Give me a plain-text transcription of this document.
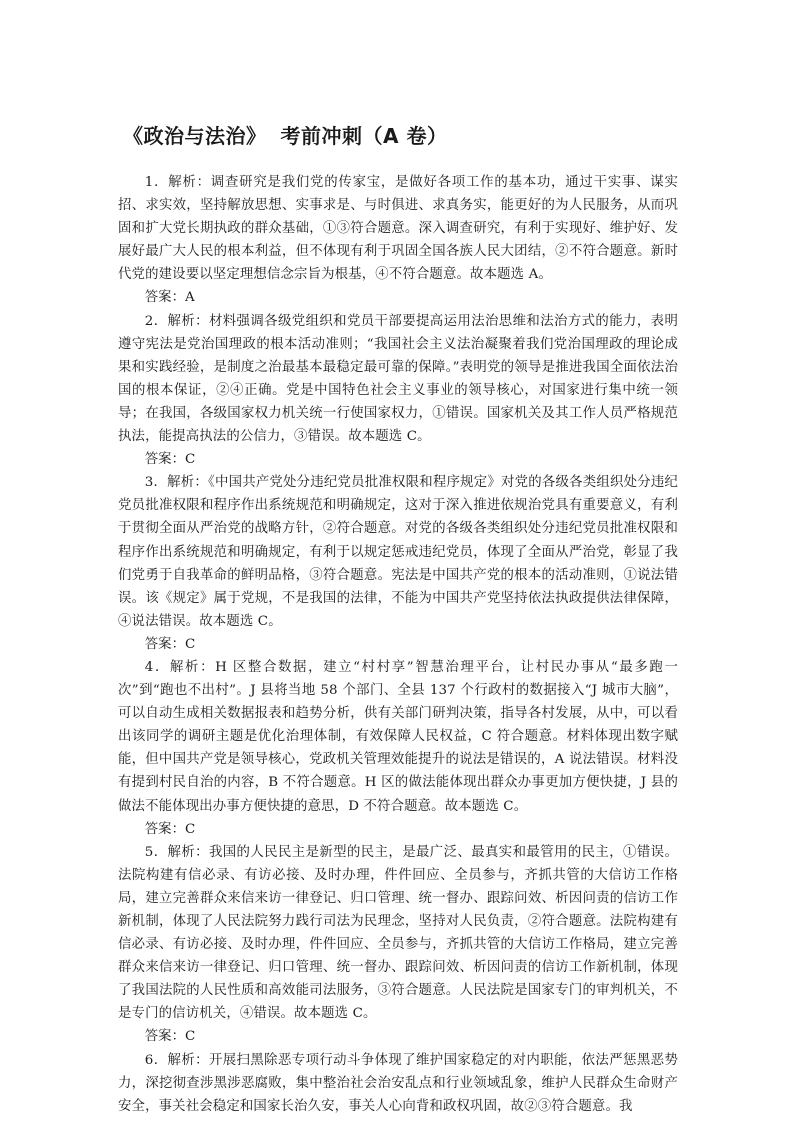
《政治与法治》 考前冲刺（A 卷）

1．解析：调查研究是我们党的传家宝，是做好各项工作的基本功，通过干实事、谋实招、求实效，坚持解放思想、实事求是、与时俱进、求真务实，能更好的为人民服务，从而巩固和扩大党长期执政的群众基础，①③符合题意。深入调查研究，有利于实现好、维护好、发展好最广大人民的根本利益，但不体现有利于巩固全国各族人民大团结，②不符合题意。新时代党的建设要以坚定理想信念宗旨为根基，④不符合题意。故本题选 A。

答案：A

2．解析：材料强调各级党组织和党员干部要提高运用法治思维和法治方式的能力，表明遵守宪法是党治国理政的根本活动准则；“我国社会主义法治凝聚着我们党治国理政的理论成果和实践经验，是制度之治最基本最稳定最可靠的保障。”表明党的领导是推进我国全面依法治国的根本保证，②④正确。党是中国特色社会主义事业的领导核心，对国家进行集中统一领导；在我国，各级国家权力机关统一行使国家权力，①错误。国家机关及其工作人员严格规范执法，能提高执法的公信力，③错误。故本题选 C。

答案：C

3．解析：《中国共产党处分违纪党员批准权限和程序规定》对党的各级各类组织处分违纪党员批准权限和程序作出系统规范和明确规定，这对于深入推进依规治党具有重要意义，有利于贯彻全面从严治党的战略方针，②符合题意。对党的各级各类组织处分违纪党员批准权限和程序作出系统规范和明确规定，有利于以规定惩戒违纪党员，体现了全面从严治党，彰显了我们党勇于自我革命的鲜明品格，③符合题意。宪法是中国共产党的根本的活动准则，①说法错误。该《规定》属于党规，不是我国的法律，不能为中国共产党坚持依法执政提供法律保障，④说法错误。故本题选 C。

答案：C

4．解析：H 区整合数据，建立“村村享”智慧治理平台，让村民办事从“最多跑一次”到“跑也不出村”。J 县将当地 58 个部门、全县 137 个行政村的数据接入“J 城市大脑”，可以自动生成相关数据报表和趋势分析，供有关部门研判决策，指导各村发展，从中，可以看出该同学的调研主题是优化治理体制，有效保障人民权益，C 符合题意。材料体现出数字赋能，但中国共产党是领导核心，党政机关管理效能提升的说法是错误的，A 说法错误。材料没有提到村民自治的内容，B 不符合题意。H 区的做法能体现出群众办事更加方便快捷，J 县的做法不能体现出办事方便快捷的意思，D 不符合题意。故本题选 C。

答案：C

5．解析：我国的人民民主是新型的民主，是最广泛、最真实和最管用的民主，①错误。法院构建有信必录、有访必接、及时办理，件件回应、全员参与，齐抓共管的大信访工作格局，建立完善群众来信来访一律登记、归口管理、统一督办、跟踪问效、析因问责的信访工作新机制，体现了人民法院努力践行司法为民理念，坚持对人民负责，②符合题意。法院构建有信必录、有访必接、及时办理，件件回应、全员参与，齐抓共管的大信访工作格局，建立完善群众来信来访一律登记、归口管理、统一督办、跟踪问效、析因问责的信访工作新机制，体现了我国法院的人民性质和高效能司法服务，③符合题意。人民法院是国家专门的审判机关，不是专门的信访机关，④错误。故本题选 C。

答案：C

6．解析：开展扫黑除恶专项行动斗争体现了维护国家稳定的对内职能，依法严惩黑恶势力，深挖彻查涉黑涉恶腐败，集中整治社会治安乱点和行业领域乱象，维护人民群众生命财产安全，事关社会稳定和国家长治久安，事关人心向背和政权巩固，故②③符合题意。我
